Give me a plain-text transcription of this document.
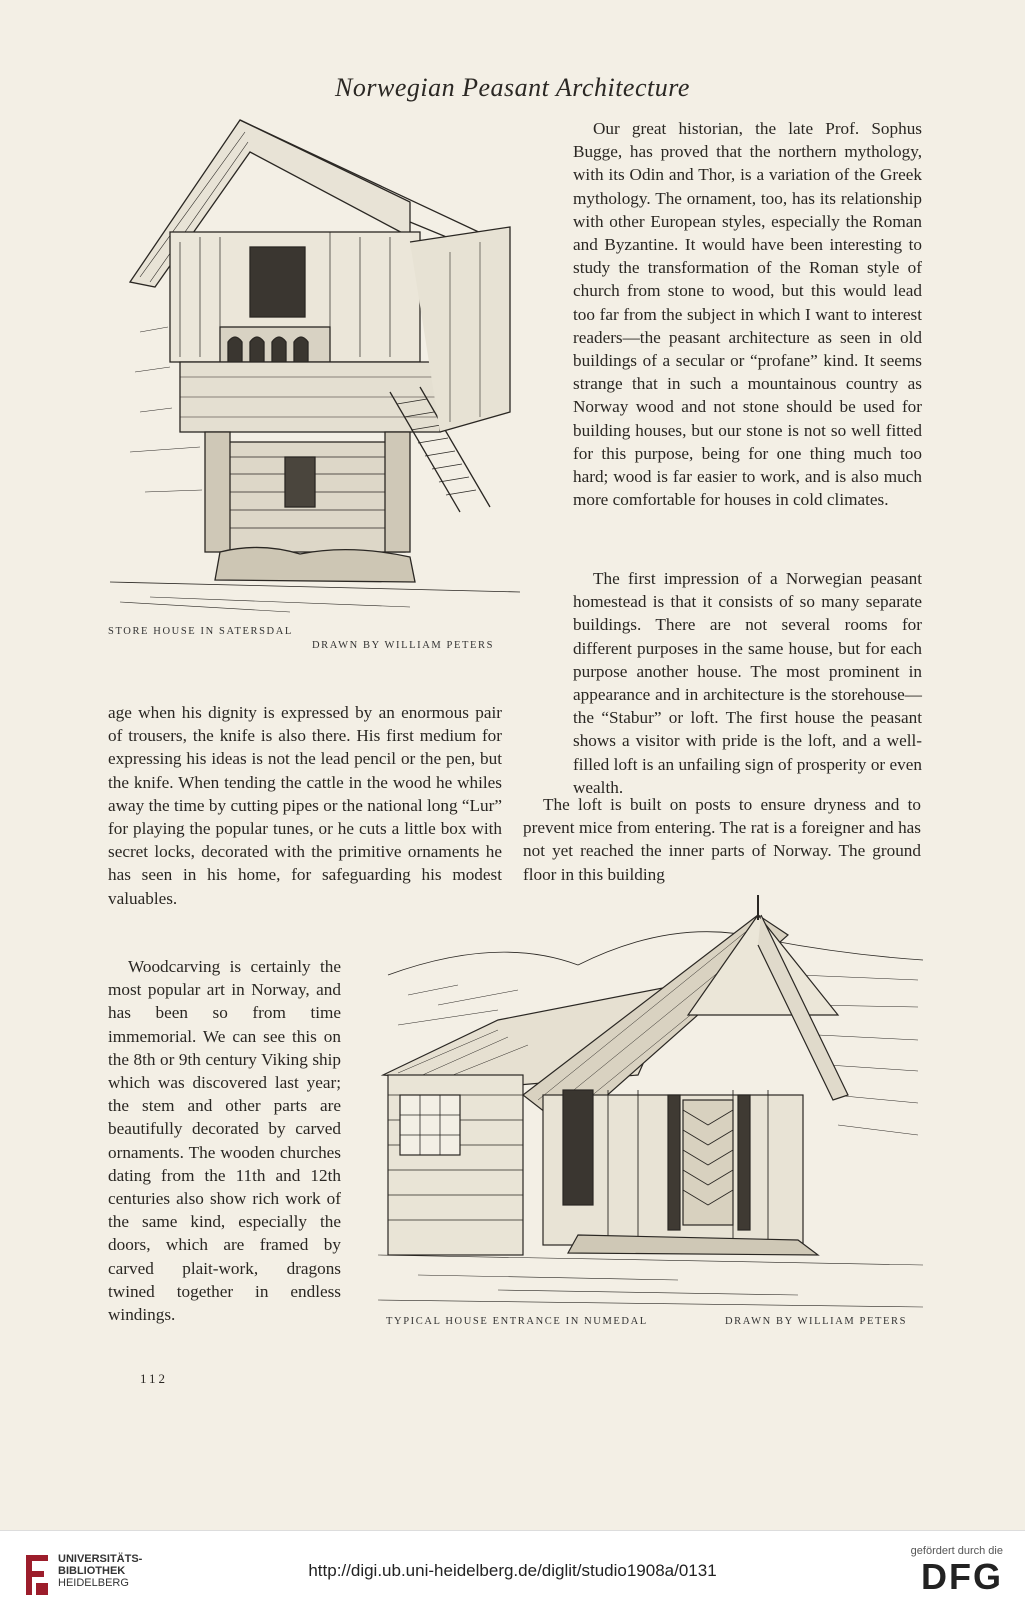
Norwegian Peasant Architecture
STORE HOUSE IN SATERSDAL
DRAWN BY WILLIAM PETERS

Our great historian, the late Prof. Sophus Bugge, has proved that the northern mythology, with its Odin and Thor, is a variation of the Greek mythology. The ornament, too, has its relationship with other European styles, especially the Roman and Byzantine. It would have been interesting to study the transformation of the Roman style of church from stone to wood, but this would lead too far from the subject in which I want to interest readers—the peasant architecture as seen in old buildings of a secular or “profane” kind. It seems strange that in such a mountainous country as Norway wood and not stone should be used for building houses, but our stone is not so well fitted for this purpose, being for one thing much too hard; wood is far easier to work, and is also much more comfortable for houses in cold climates.

The first impression of a Norwegian peasant homestead is that it consists of so many separate buildings. There are not several rooms for different purposes in the same house, but for each purpose another house. The most prominent in appearance and in architecture is the storehouse—the “Stabur” or loft. The first house the peasant shows a visitor with pride is the loft, and a well-filled loft is an unfailing sign of prosperity or even wealth.

age when his dignity is expressed by an enormous pair of trousers, the knife is also there. His first medium for expressing his ideas is not the lead pencil or the pen, but the knife. When tending the cattle in the wood he whiles away the time by cutting pipes or the national long “Lur” for playing the popular tunes, or he cuts a little box with secret locks, decorated with the primitive ornaments he has seen in his home, for safeguarding his modest valuables.

Woodcarving is certainly the most popular art in Norway, and has been so from time immemorial. We can see this on the 8th or 9th century Viking ship which was discovered last year; the stem and other parts are beautifully decorated by carved ornaments. The wooden churches dating from the 11th and 12th centuries also show rich work of the same kind, especially the doors, which are framed by carved plait-work, dragons twined together in endless windings.

The loft is built on posts to ensure dryness and to prevent mice from entering. The rat is a foreigner and has not yet reached the inner parts of Norway. The ground floor in this building

TYPICAL HOUSE ENTRANCE IN NUMEDAL	DRAWN BY WILLIAM PETERS
112
UNIVERSITÄTS-
BIBLIOTHEK
HEIDELBERG
http://digi.ub.uni-heidelberg.de/diglit/studio1908a/0131
gefördert durch die
DFG
